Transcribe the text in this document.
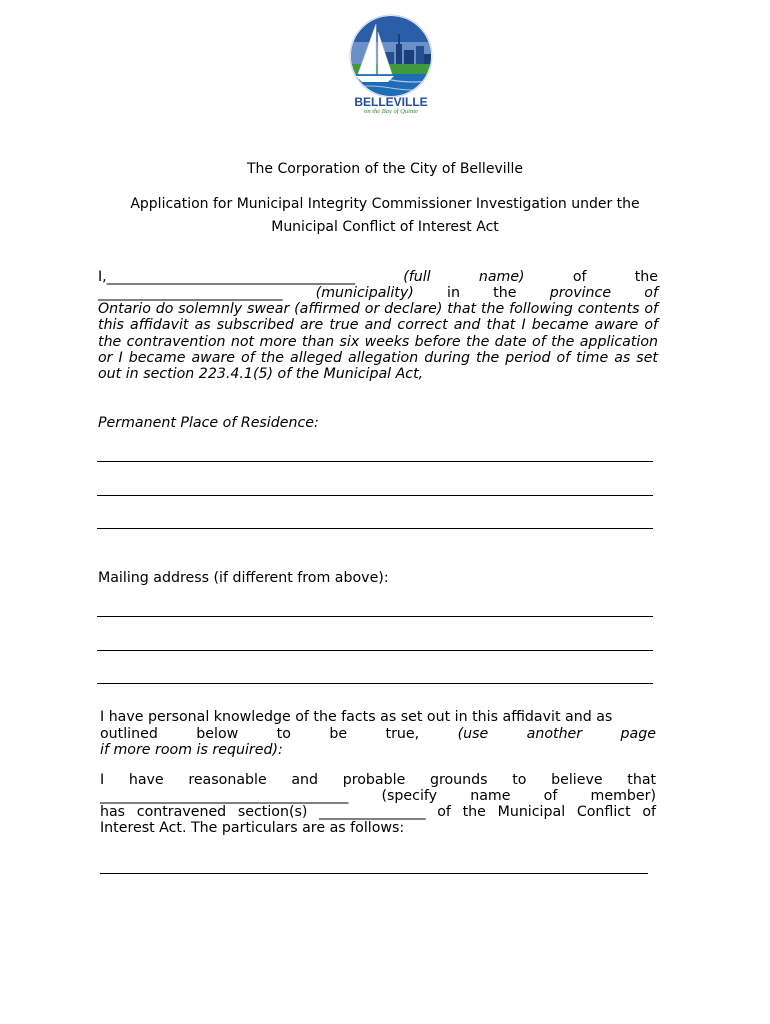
BELLEVILLE
on the Bay of Quinte
The Corporation of the City of Belleville
Application for Municipal Integrity Commissioner Investigation under the
Municipal Conflict of Interest Act
I,___________________________________	(full name)	of the
__________________________ (municipality) in the province of
Ontario do solemnly swear (affirmed or declare) that the following contents of this affidavit as subscribed are true and correct and that I became aware of the contravention not more than six weeks before the date of the application or I became aware of the alleged allegation during the period of time as set out in section 223.4.1(5) of the Municipal Act,
Permanent Place of Residence:
Mailing address (if different from above):
I have personal knowledge of the facts as set out in this affidavit and as
outlined	below	to	be	true,	(use	another	page
if more room is required):
I have reasonable and probable grounds to believe that
___________________________________ (specify name of member)
has contravened section(s) _______________ of the Municipal Conflict of
Interest Act. The particulars are as follows:
